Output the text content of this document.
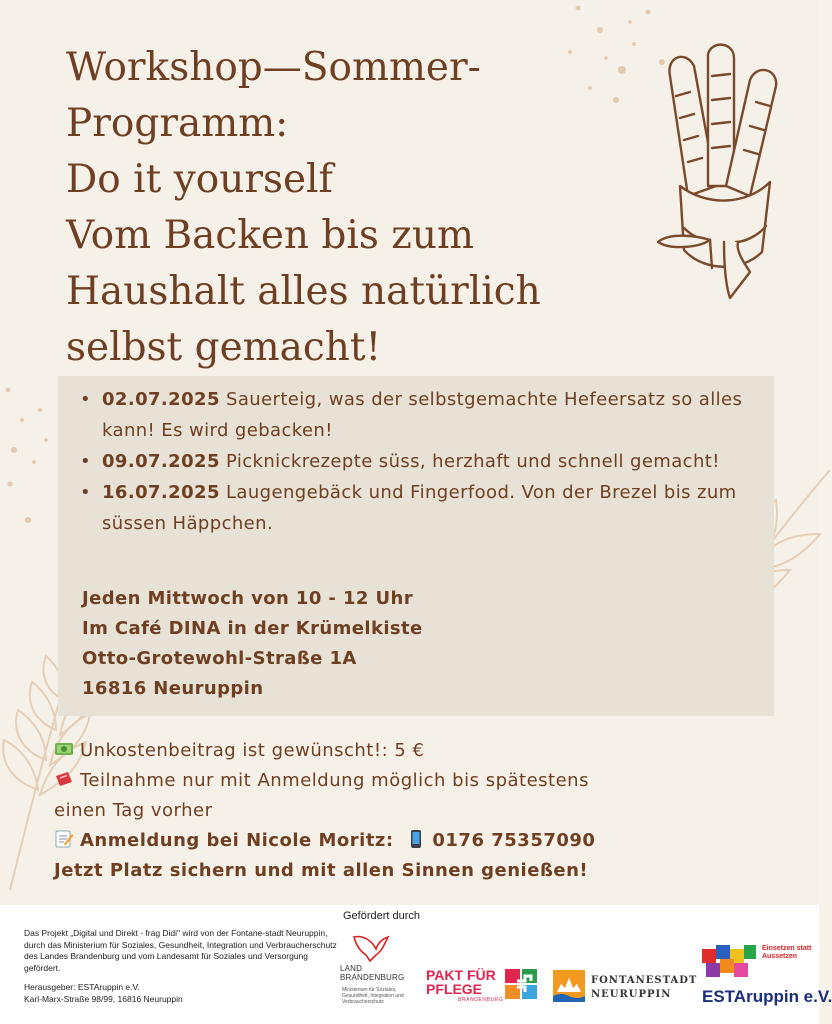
Workshop—Sommer-
Programm:
Do it yourself
Vom Backen bis zum
Haushalt alles natürlich
selbst gemacht!
• 02.07.2025 Sauerteig, was der selbstgemachte Hefeersatz so alles kann! Es wird gebacken!
• 09.07.2025 Picknickrezepte süss, herzhaft und schnell gemacht!
• 16.07.2025 Laugengebäck und Fingerfood. Von der Brezel bis zum süssen Häppchen.
Jeden Mittwoch von 10 - 12 Uhr
Im Café DINA in der Krümelkiste
Otto-Grotewohl-Straße 1A
16816 Neuruppin
Unkostenbeitrag ist gewünscht!: 5 €
Teilnahme nur mit Anmeldung möglich bis spätestens
einen Tag vorher
Anmeldung bei Nicole Moritz: 0176 75357090
Jetzt Platz sichern und mit allen Sinnen genießen!

Das Projekt „Digital und Direkt - frag Didi" wird von der Fontane-stadt Neuruppin, durch das Ministerium für Soziales, Gesundheit, Integration und Verbraucherschutz des Landes Brandenburg und vom Landesamt für Soziales und Versorgung gefördert.

Herausgeber: ESTAruppin e.V.
Karl-Marx-Straße 98/99, 16816 Neuruppin
Gefördert durch
LAND BRANDENBURG
Ministerium für Soziales, Gesundheit, Integration und Verbraucherschutz
PAKT FÜR PFLEGE
BRANDENBURG
FONTANESTADT
NEURUPPIN
Einsetzen statt Aussetzen
ESTAruppin e.V.
